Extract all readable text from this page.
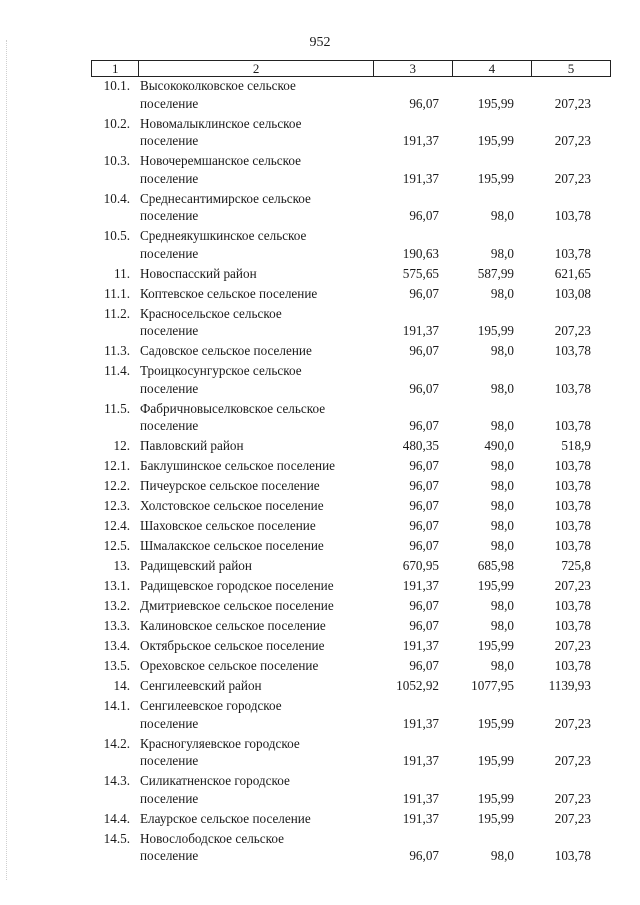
952
1	2	3	4	5
10.1. Высококолковское сельское
поселение	96,07	195,99	207,23
10.2. Новомалыклинское сельское
поселение	191,37	195,99	207,23
10.3. Новочеремшанское сельское
поселение	191,37	195,99	207,23
10.4. Среднесантимирское сельское
поселение	96,07	98,0	103,78
10.5. Среднеякушкинское сельское
поселение	190,63	98,0	103,78
11. Новоспасский район	575,65	587,99	621,65
11.1. Коптевское сельское поселение	96,07	98,0	103,08
11.2. Красносельское сельское
поселение	191,37	195,99	207,23
11.3. Садовское сельское поселение	96,07	98,0	103,78
11.4. Троицкосунгурское сельское
поселение	96,07	98,0	103,78
11.5. Фабричновыселковское сельское
поселение	96,07	98,0	103,78
12. Павловский район	480,35	490,0	518,9
12.1. Баклушинское сельское поселение	96,07	98,0	103,78
12.2. Пичеурское сельское поселение	96,07	98,0	103,78
12.3. Холстовское сельское поселение	96,07	98,0	103,78
12.4. Шаховское сельское поселение	96,07	98,0	103,78
12.5. Шмалакское сельское поселение	96,07	98,0	103,78
13. Радищевский район	670,95	685,98	725,8
13.1. Радищевское городское поселение	191,37	195,99	207,23
13.2. Дмитриевское сельское поселение	96,07	98,0	103,78
13.3. Калиновское сельское поселение	96,07	98,0	103,78
13.4. Октябрьское сельское поселение	191,37	195,99	207,23
13.5. Ореховское сельское поселение	96,07	98,0	103,78
14. Сенгилеевский район	1052,92	1077,95	1139,93
14.1. Сенгилеевское городское
поселение	191,37	195,99	207,23
14.2. Красногуляевское городское
поселение	191,37	195,99	207,23
14.3. Силикатненское городское
поселение	191,37	195,99	207,23
14.4. Елаурское сельское поселение	191,37	195,99	207,23
14.5. Новослободское сельское
поселение	96,07	98,0	103,78
